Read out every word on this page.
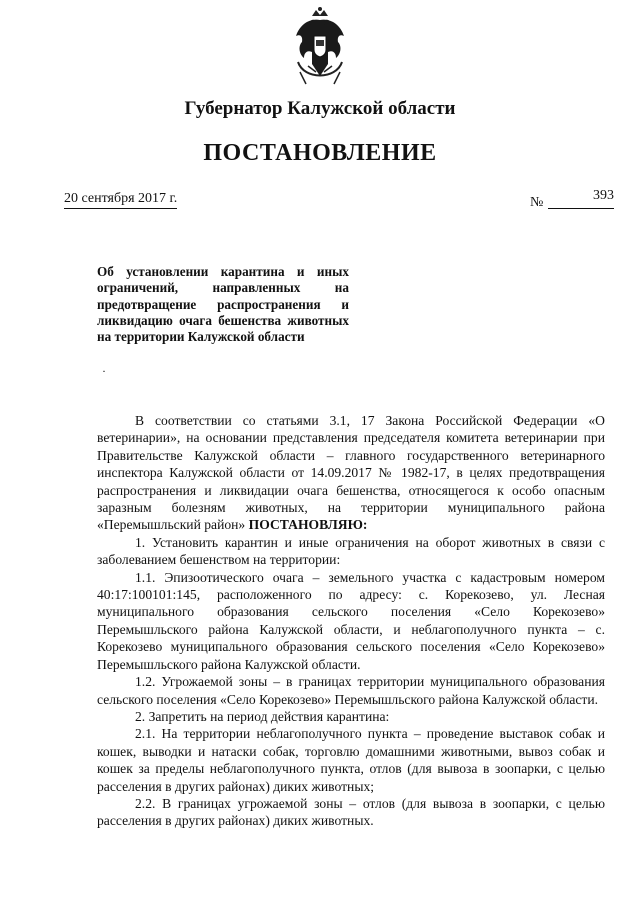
Губернатор Калужской области
ПОСТАНОВЛЕНИЕ
20 сентября 2017 г.	№	393
Об установлении карантина и иных ограничений, направленных на предотвращение распространения и ликвидацию очага бешенства животных на территории Калужской области
·

В соответствии со статьями 3.1, 17 Закона Российской Федерации «О ветеринарии», на основании представления председателя комитета ветеринарии при Правительстве Калужской области – главного государственного ветеринарного инспектора Калужской области от 14.09.2017 № 1982-17, в целях предотвращения распространения и ликвидации очага бешенства, относящегося к особо опасным заразным болезням животных, на территории муниципального района «Перемышльский район» ПОСТАНОВЛЯЮ:

1. Установить карантин и иные ограничения на оборот животных в связи с заболеванием бешенством на территории:

1.1. Эпизоотического очага – земельного участка с кадастровым номером 40:17:100101:145, расположенного по адресу: с. Корекозево, ул. Лесная муниципального образования сельского поселения «Село Корекозево» Перемышльского района Калужской области, и неблагополучного пункта – с. Корекозево муниципального образования сельского поселения «Село Корекозево» Перемышльского района Калужской области.

1.2. Угрожаемой зоны – в границах территории муниципального образования сельского поселения «Село Корекозево» Перемышльского района Калужской области.

2. Запретить на период действия карантина:

2.1. На территории неблагополучного пункта – проведение выставок собак и кошек, выводки и натаски собак, торговлю домашними животными, вывоз собак и кошек за пределы неблагополучного пункта, отлов (для вывоза в зоопарки, с целью расселения в других районах) диких животных;

2.2. В границах угрожаемой зоны – отлов (для вывоза в зоопарки, с целью расселения в других районах) диких животных.
